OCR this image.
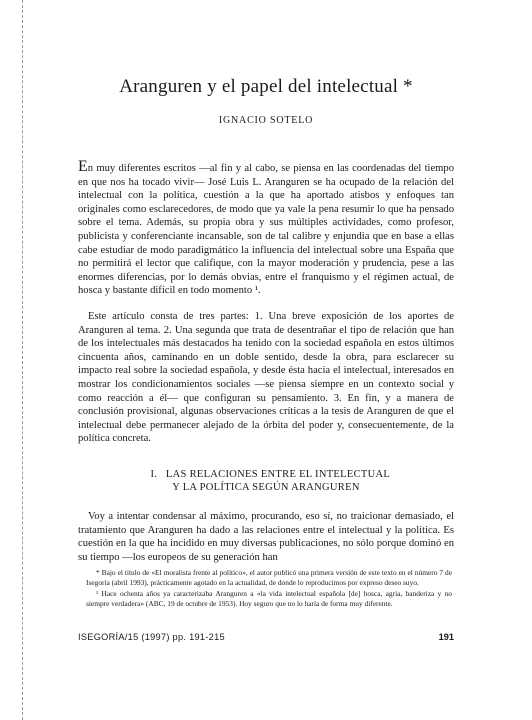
Aranguren y el papel del intelectual *
IGNACIO SOTELO

En muy diferentes escritos —al fin y al cabo, se piensa en las coordenadas del tiempo en que nos ha tocado vivir— José Luis L. Aranguren se ha ocupado de la relación del intelectual con la política, cuestión a la que ha aportado atisbos y enfoques tan originales como esclarecedores, de modo que ya vale la pena resumir lo que ha pensado sobre el tema. Además, su propia obra y sus múltiples actividades, como profesor, publicista y conferenciante incansable, son de tal calibre y enjundia que en base a ellas cabe estudiar de modo paradigmático la influencia del intelectual sobre una España que no permitirá el lector que califique, con la mayor moderación y prudencia, pese a las enormes diferencias, por lo demás obvias, entre el franquismo y el régimen actual, de hosca y bastante difícil en todo momento ¹.

Este artículo consta de tres partes: 1. Una breve exposición de los aportes de Aranguren al tema. 2. Una segunda que trata de desentrañar el tipo de relación que han de los intelectuales más destacados ha tenido con la sociedad española en estos últimos cincuenta años, caminando en un doble sentido, desde la obra, para esclarecer su impacto real sobre la sociedad española, y desde ésta hacia el intelectual, interesados en mostrar los condicionamientos sociales —se piensa siempre en un contexto social y como reacción a él— que configuran su pensamiento. 3. En fin, y a manera de conclusión provisional, algunas observaciones críticas a la tesis de Aranguren de que el intelectual debe permanecer alejado de la órbita del poder y, consecuentemente, de la política concreta.

I. LAS RELACIONES ENTRE EL INTELECTUAL
Y LA POLÍTICA SEGÚN ARANGUREN

Voy a intentar condensar al máximo, procurando, eso sí, no traicionar demasiado, el tratamiento que Aranguren ha dado a las relaciones entre el intelectual y la política. Es cuestión en la que ha incidido en muy diversas publicaciones, no sólo porque dominó en su tiempo —los europeos de su generación han

* Bajo el título de «El moralista frente al político», el autor publicó una primera versión de este texto en el número 7 de Isegoría (abril 1993), prácticamente agotado en la actualidad, de donde lo reproducimos por expreso deseo suyo.

¹ Hace ochenta años ya caracterizaba Aranguren a «la vida intelectual española [de] hosca, agria, banderiza y no siempre verdadera» (ABC, 19 de octubre de 1953). Hoy seguro que no lo haría de forma muy diferente.

ISEGORÍA/15 (1997) pp. 191-215	191
